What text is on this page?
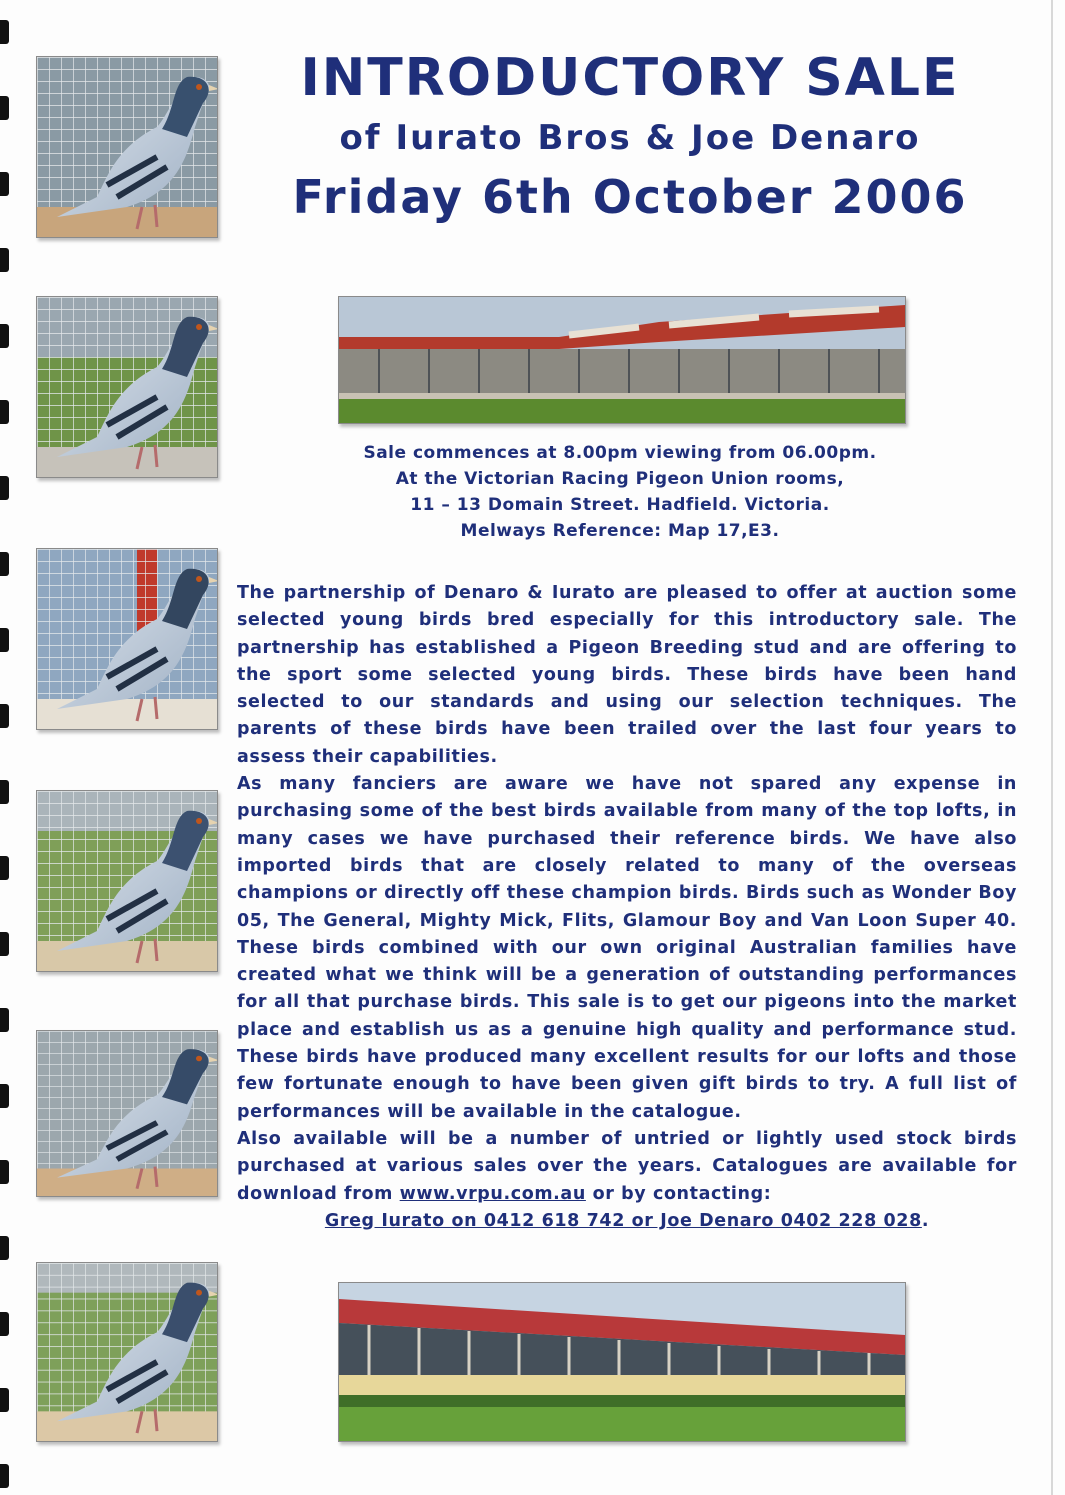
INTRODUCTORY SALE
of Iurato Bros & Joe Denaro
Friday 6th October 2006
Sale commences at 8.00pm viewing from 06.00pm.
At the Victorian Racing Pigeon Union rooms,
11 – 13 Domain Street. Hadfield. Victoria.
Melways Reference: Map 17,E3.

The partnership of Denaro & Iurato are pleased to offer at auction some selected young birds bred especially for this introductory sale. The partnership has established a Pigeon Breeding stud and are offering to the sport some selected young birds. These birds have been hand selected to our standards and using our selection techniques. The parents of these birds have been trailed over the last four years to assess their capabilities.

As many fanciers are aware we have not spared any expense in purchasing some of the best birds available from many of the top lofts, in many cases we have purchased their reference birds. We have also imported birds that are closely related to many of the overseas champions or directly off these champion birds. Birds such as Wonder Boy 05, The General, Mighty Mick, Flits, Glamour Boy and Van Loon Super 40. These birds combined with our own original Australian families have created what we think will be a generation of outstanding performances for all that purchase birds. This sale is to get our pigeons into the market place and establish us as a genuine high quality and performance stud. These birds have produced many excellent results for our lofts and those few fortunate enough to have been given gift birds to try. A full list of performances will be available in the catalogue.

Also available will be a number of untried or lightly used stock birds purchased at various sales over the years. Catalogues are available for download from www.vrpu.com.au or by contacting:

Greg Iurato on 0412 618 742 or Joe Denaro 0402 228 028.
